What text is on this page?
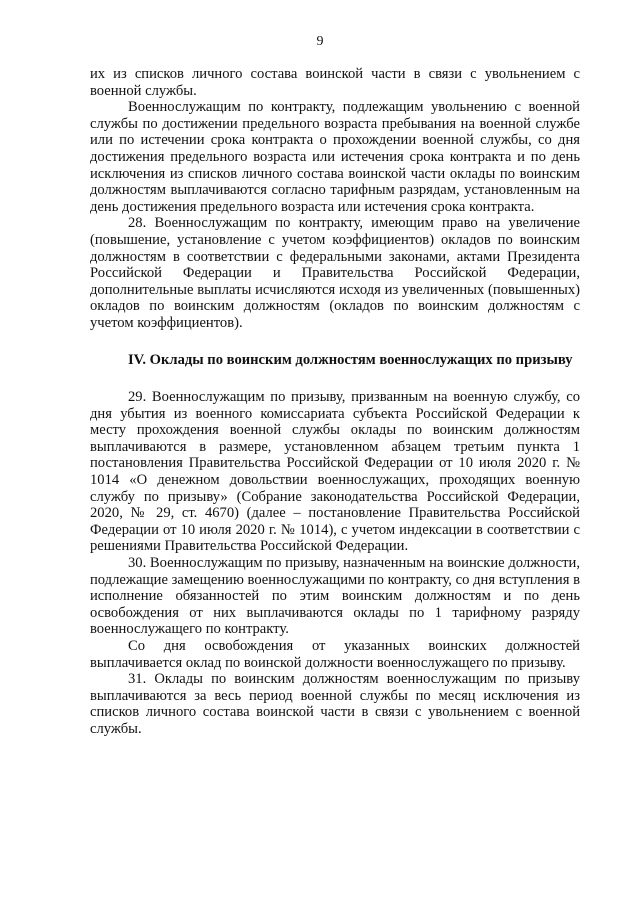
9

их из списков личного состава воинской части в связи с увольнением с военной службы.

Военнослужащим по контракту, подлежащим увольнению с военной службы по достижении предельного возраста пребывания на военной службе или по истечении срока контракта о прохождении военной службы, со дня достижения предельного возраста или истечения срока контракта и по день исключения из списков личного состава воинской части оклады по воинским должностям выплачиваются согласно тарифным разрядам, установленным на день достижения предельного возраста или истечения срока контракта.

28. Военнослужащим по контракту, имеющим право на увеличение (повышение, установление с учетом коэффициентов) окладов по воинским должностям в соответствии с федеральными законами, актами Президента Российской Федерации и Правительства Российской Федерации, дополнительные выплаты исчисляются исходя из увеличенных (повышенных) окладов по воинским должностям (окладов по воинским должностям с учетом коэффициентов).

IV. Оклады по воинским должностям военнослужащих по призыву

29. Военнослужащим по призыву, призванным на военную службу, со дня убытия из военного комиссариата субъекта Российской Федерации к месту прохождения военной службы оклады по воинским должностям выплачиваются в размере, установленном абзацем третьим пункта 1 постановления Правительства Российской Федерации от 10 июля 2020 г. № 1014 «О денежном довольствии военнослужащих, проходящих военную службу по призыву» (Собрание законодательства Российской Федерации, 2020, № 29, ст. 4670) (далее – постановление Правительства Российской Федерации от 10 июля 2020 г. № 1014), с учетом индексации в соответствии с решениями Правительства Российской Федерации.

30. Военнослужащим по призыву, назначенным на воинские должности, подлежащие замещению военнослужащими по контракту, со дня вступления в исполнение обязанностей по этим воинским должностям и по день освобождения от них выплачиваются оклады по 1 тарифному разряду военнослужащего по контракту.

Со дня освобождения от указанных воинских должностей выплачивается оклад по воинской должности военнослужащего по призыву.

31. Оклады по воинским должностям военнослужащим по призыву выплачиваются за весь период военной службы по месяц исключения из списков личного состава воинской части в связи с увольнением с военной службы.
